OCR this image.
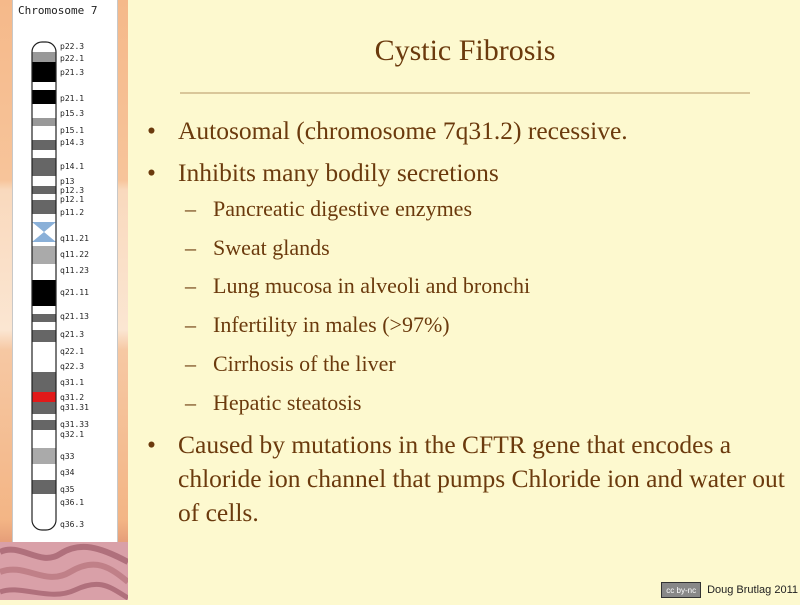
Chromosome 7
p22.3
p22.1
p21.3
p21.1
p15.3
p15.1
p14.3
p14.1
p13
p12.3
p12.1
p11.2
q11.21
q11.22
q11.23
q21.11
q21.13
q21.3
q22.1
q22.3
q31.1
q31.2
q31.31
q31.33
q32.1
q33
q34
q35
q36.1
q36.3
Cystic Fibrosis
• Autosomal (chromosome 7q31.2) recessive.
• Inhibits many bodily secretions
– Pancreatic digestive enzymes
– Sweat glands
– Lung mucosa in alveoli and bronchi
– Infertility in males (>97%)
– Cirrhosis of the liver
– Hepatic steatosis
• Caused by mutations in the CFTR gene that encodes a chloride ion channel that pumps Chloride ion and water out of cells.
cc by-nc	Doug Brutlag 2011
